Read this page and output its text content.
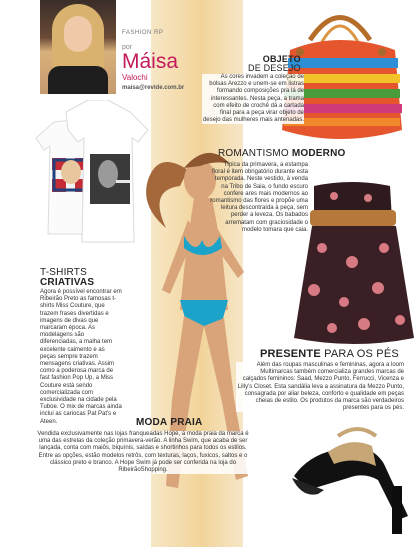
FASHION RP
por
Máisa
Valochi
maisa@revide.com.br
OBJETO
DE DESEJO
As cores invadem a coleção de bolsas Arezzo e unem-se em listras formando composições pra lá de interessantes. Nesta peça, a trama com efeito de crochê dá a cartada final para a peça virar objeto de desejo das mulheres mais antenadas.
ROMANTISMO MODERNO
Típica da primavera, a estampa floral é item obrigatório durante esta temporada. Neste vestido, à venda na Tribo de Saia, o fundo escuro confere ares mais modernos ao romantismo das flores e propõe uma leitura descontraída à peça, sem perder a leveza. Os babados arrematam com graciosidade o modelo tomara que caia.
T-SHIRTS
CRIATIVAS
Agora é possível encontrar em Ribeirão Preto as famosas t-shirts Miss Couture, que trazem frases divertidas e imagens de divas que marcaram época. As modelagens são diferenciadas, a malha tem excelente caimento e as peças sempre trazem mensagens criativas. Assim como a poderosa marca de fast fashion Pop Up, a Miss Couture está sendo comercializada com exclusividade na cidade pela Tuboe. O mix de marcas ainda inclui as cariocas Pat Pat's e Ateen.
PRESENTE PARA OS PÉS
Além das roupas masculinas e femininas, agora a loom Multimarcas também comercializa grandes marcas de calçados femininos: Saad, Mezzo Punto, Ferrucci, Vicenza e Lilly's Closet. Esta sandália leva a assinatura da Mezzo Punto, consagrada por aliar beleza, conforto e qualidade em peças cheias de estilo. Os produtos da marca são verdadeiros presentes para os pés.
MODA PRAIA
Vendida exclusivamente nas lojas franqueadas Hope, a moda praia da marca é uma das estrelas da coleção primavera-verão. A linha Swim, que acaba de ser lançada, conta com maiôs, biquínis, saídas e shortinhos para todos os estilos. Entre as opções, estão modelos retrôs, com texturas, laços, fuxicos, saltos e o clássico preto e branco. A Hope Swim já pode ser conferida na loja do RibeirãoShopping.
